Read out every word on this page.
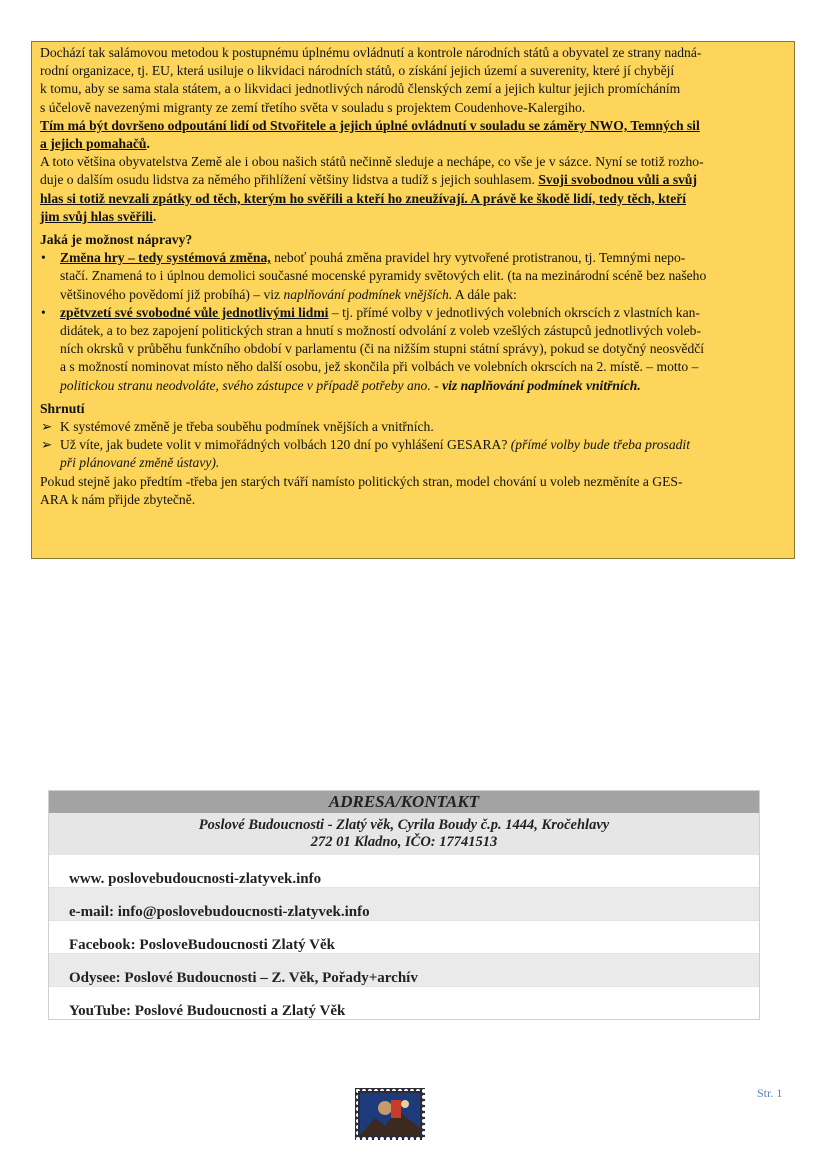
Dochází tak salámovou metodou k postupnému úplnému ovládnutí a kontrole národních států a obyvatel ze strany nadná-

rodní organizace, tj. EU, která usiluje o likvidaci národních států, o získání jejich území a suverenity, které jí chybějí

k tomu, aby se sama stala státem, a o likvidaci jednotlivých národů členských zemí a jejich kultur jejich promícháním

s účelově navezenými migranty ze zemí třetího světa v souladu s projektem Coudenhove-Kalergiho.

Tím má být dovršeno odpoutání lidí od Stvořitele a jejich úplné ovládnutí v souladu se záměry NWO, Temných sil

a jejich pomahačů.

A toto většina obyvatelstva Země ale i obou našich států nečinně sleduje a nechápe, co vše je v sázce. Nyní se totiž rozho-

duje o dalším osudu lidstva za němého přihlížení většiny lidstva a tudíž s jejich souhlasem. Svoji svobodnou vůli a svůj

hlas si totiž nevzali zpátky od těch, kterým ho svěřili a kteří ho zneužívají. A právě ke škodě lidí, tedy těch, kteří

jim svůj hlas svěřili.

Jaká je možnost nápravy?

• Změna hry – tedy systémová změna, neboť pouhá změna pravidel hry vytvořené protistranou, tj. Temnými nepo-

stačí. Znamená to i úplnou demolici současné mocenské pyramidy světových elit. (ta na mezinárodní scéně bez našeho

většinového povědomí již probíhá) – viz naplňování podmínek vnějších. A dále pak:

• zpětvzetí své svobodné vůle jednotlivými lidmi – tj. přímé volby v jednotlivých volebních okrscích z vlastních kan-

didátek, a to bez zapojení politických stran a hnutí s možností odvolání z voleb vzešlých zástupců jednotlivých voleb-

ních okrsků v průběhu funkčního období v parlamentu (či na nižším stupni státní správy), pokud se dotyčný neosvědčí

a s možností nominovat místo něho další osobu, jež skončila při volbách ve volebních okrscích na 2. místě. – motto –

politickou stranu neodvoláte, svého zástupce v případě potřeby ano. - viz naplňování podmínek vnitřních.

Shrnutí

➢ K systémové změně je třeba souběhu podmínek vnějších a vnitřních.

➢ Už víte, jak budete volit v mimořádných volbách 120 dní po vyhlášení GESARA? (přímé volby bude třeba prosadit

při plánované změně ústavy).

Pokud stejně jako předtím -třeba jen starých tváří namísto politických stran, model chování u voleb nezměníte a GES-

ARA k nám přijde zbytečně.

ADRESA/KONTAKT
Poslové Budoucnosti - Zlatý věk, Cyrila Boudy č.p. 1444, Kročehlavy
272 01 Kladno, IČO: 17741513
www. poslovebudoucnosti-zlatyvek.info
e-mail: info@poslovebudoucnosti-zlatyvek.info
Facebook: PosloveBudoucnosti Zlatý Věk
Odysee: Poslové Budoucnosti – Z. Věk, Pořady+archív
YouTube: Poslové Budoucnosti a Zlatý Věk
Str. 1
